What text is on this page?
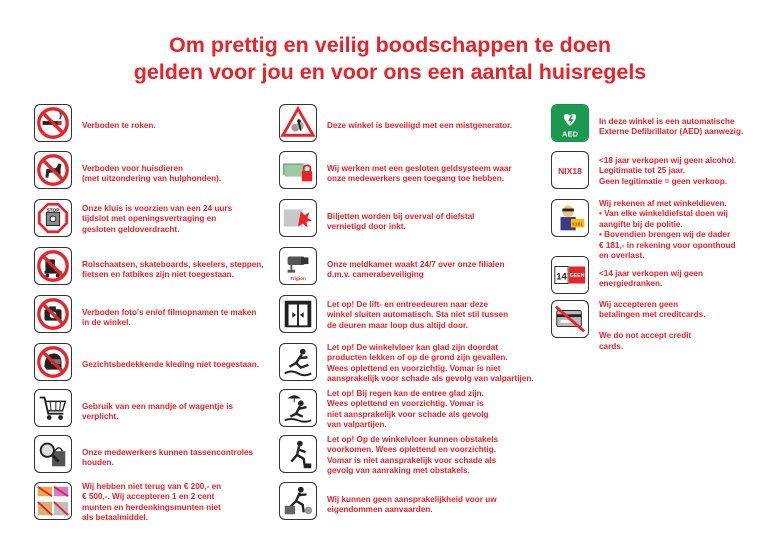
Om prettig en veilig boodschappen te doen
gelden voor jou en voor ons een aantal huisregels
Verboden te roken.
Verboden voor huisdieren
(met uitzondering van hulphonden).
STOP	Onze kluis is voorzien van een 24 uurs
tijdslot met openingsvertraging en
gesloten geldoverdracht.
Rolschaatsen, skateboards, skeelers, steppen,
fietsen en fatbikes zijn niet toegestaan.
Verboden foto's en/of filmopnamen te maken
in de winkel.
Gezichtsbedekkende kleding niet toegestaan.
Gebruik van een mandje of wagentje is
verplicht.
Onze medewerkers kunnen tassencontroles
houden.
Wij hebben niet terug van € 200,- en
€ 500,-. Wij accepteren 1 en 2 cent
munten en herdenkingsmunten niet
als betaalmiddel.
Deze winkel is beveiligd met een mistgenerator.
Wij werken met een gesloten geldsysteem waar
onze medewerkers geen toegang toe hebben.
Biljetten worden bij overval of diefstal
vernietigd door inkt.
Trigion
Onze meldkamer waakt 24/7 over onze filialen
d.m.v. camerabeveiliging
Let op! De lift- en entreedeuren naar deze
winkel sluiten automatisch. Sta niet stil tussen
de deuren maar loop dus altijd door.
Let op! De winkelvloer kan glad zijn doordat
producten lekken of op de grond zijn gevallen.
Wees oplettend en voorzichtig. Vomar is niet
aansprakelijk voor schade als gevolg van valpartijen.
Let op! Bij regen kan de entree glad zijn.
Wees oplettend en voorzichtig. Vomar is
niet aansprakelijk voor schade als gevolg
van valpartijen.
Let op! Op de winkelvloer kunnen obstakels
voorkomen. Wees oplettend en voorzichtig.
Vomar is niet aansprakelijk voor schade als
gevolg van aanraking met obstakels.
Wij kunnen geen aansprakelijkheid voor uw
eigendommen aanvaarden.
AED
In deze winkel is een automatische
Externe Defibrillator (AED) aanwezig.
NIX18
<18 jaar verkopen wij geen alcohol.
Legitimatie tot 25 jaar.
Geen legitimatie = geen verkoop.
€181
Wij rekenen af met winkeldieven.
• Van elke winkeldiefstal doen wij
aangifte bij de politie.
• Bovendien brengen wij de dader
€ 181,- in rekening voor oponthoud
en overlast.
14 GEEN <14 jaar verkopen wij geen
energiedranken.
Wij accepteren geen
betalingen met creditcards.
We do not accept credit
cards.
